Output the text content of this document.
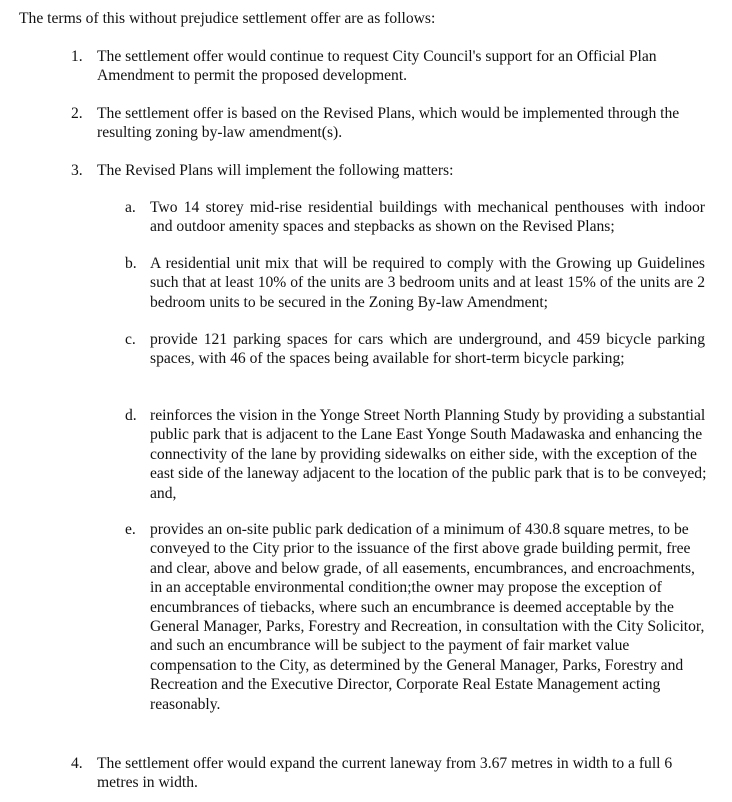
The terms of this without prejudice settlement offer are as follows:

1. The settlement offer would continue to request City Council's support for an Official Plan Amendment to permit the proposed development.

2. The settlement offer is based on the Revised Plans, which would be implemented through the resulting zoning by-law amendment(s).

3. The Revised Plans will implement the following matters:

a. Two 14 storey mid-rise residential buildings with mechanical penthouses with indoor and outdoor amenity spaces and stepbacks as shown on the Revised Plans;

b. A residential unit mix that will be required to comply with the Growing up Guidelines such that at least 10% of the units are 3 bedroom units and at least 15% of the units are 2 bedroom units to be secured in the Zoning By-law Amendment;

c. provide 121 parking spaces for cars which are underground, and 459 bicycle parking spaces, with 46 of the spaces being available for short-term bicycle parking;

d. reinforces the vision in the Yonge Street North Planning Study by providing a substantial public park that is adjacent to the Lane East Yonge South Madawaska and enhancing the connectivity of the lane by providing sidewalks on either side, with the exception of the east side of the laneway adjacent to the location of the public park that is to be conveyed; and,

e. provides an on-site public park dedication of a minimum of 430.8 square metres, to be conveyed to the City prior to the issuance of the first above grade building permit, free and clear, above and below grade, of all easements, encumbrances, and encroachments, in an acceptable environmental condition;the owner may propose the exception of encumbrances of tiebacks, where such an encumbrance is deemed acceptable by the General Manager, Parks, Forestry and Recreation, in consultation with the City Solicitor, and such an encumbrance will be subject to the payment of fair market value compensation to the City, as determined by the General Manager, Parks, Forestry and Recreation and the Executive Director, Corporate Real Estate Management acting reasonably.

4. The settlement offer would expand the current laneway from 3.67 metres in width to a full 6 metres in width.
